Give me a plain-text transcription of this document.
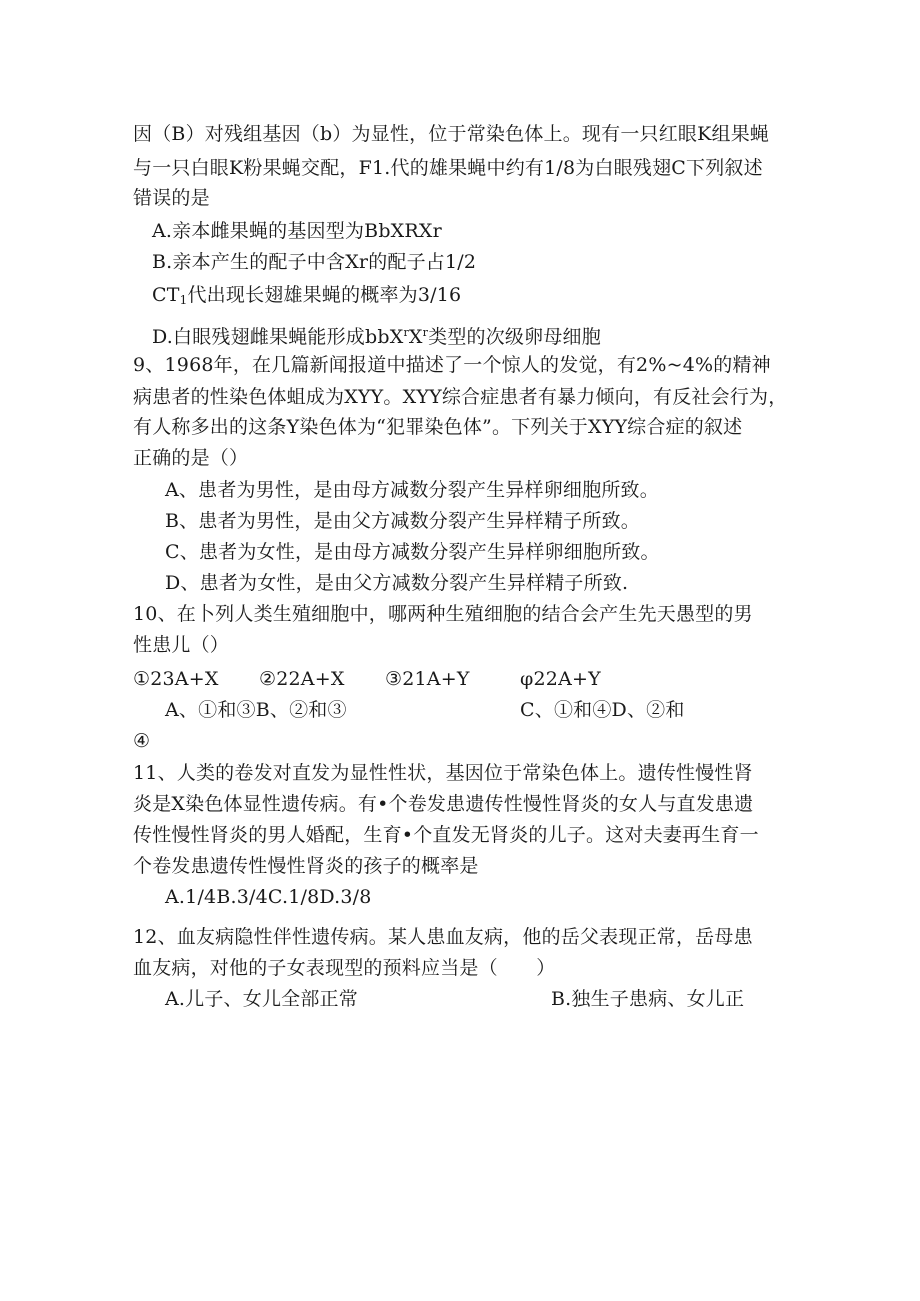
因（B）对残组基因（b）为显性，位于常染色体上。现有一只红眼K组果蝇
与一只白眼K粉果蝇交配，F1.代的雄果蝇中约有1/8为白眼残翅C下列叙述
错误的是
A.亲本雌果蝇的基因型为BbXRXr
B.亲本产生的配子中含Xr的配子占1/2
$CT_1$代出现长翅雄果蝇的概率为3/16
D.白眼残翅雌果蝇能形成$bbX^rX^r$类型的次级卵母细胞
9、1968年，在几篇新闻报道中描述了一个惊人的发觉，有2%~4%的精神
病患者的性染色体蛆成为XYY。XYY综合症患者有暴力倾向，有反社会行为，
有人称多出的这条Y染色体为“犯罪染色体”。下列关于XYY综合症的叙述
正确的是（）
A、患者为男性，是由母方减数分裂产生异样卵细胞所致。
B、患者为男性，是由父方减数分裂产生异样精子所致。
C、患者为女性，是由母方减数分裂产生异样卵细胞所致。
D、患者为女性，是由父方减数分裂产生异样精子所致.
10、在卜列人类生殖细胞中，哪两种生殖细胞的结合会产生先天愚型的男
性患儿（）
①23A+X ②22A+X ③21A+Y	φ22A+Y
A、①和③B、②和③	C、①和④D、②和
④
11、人类的卷发对直发为显性性状，基因位于常染色体上。遗传性慢性肾
炎是X染色体显性遗传病。有•个卷发患遗传性慢性肾炎的女人与直发患遗
传性慢性肾炎的男人婚配，生育•个直发无肾炎的儿子。这对夫妻再生育一
个卷发患遗传性慢性肾炎的孩子的概率是
A.1/4B.3/4C.1/8D.3/8
12、血友病隐性伴性遗传病。某人患血友病，他的岳父表现正常，岳母患
血友病，对他的子女表现型的预料应当是（　　）
A.儿子、女儿全部正常	B.独生子患病、女儿正
